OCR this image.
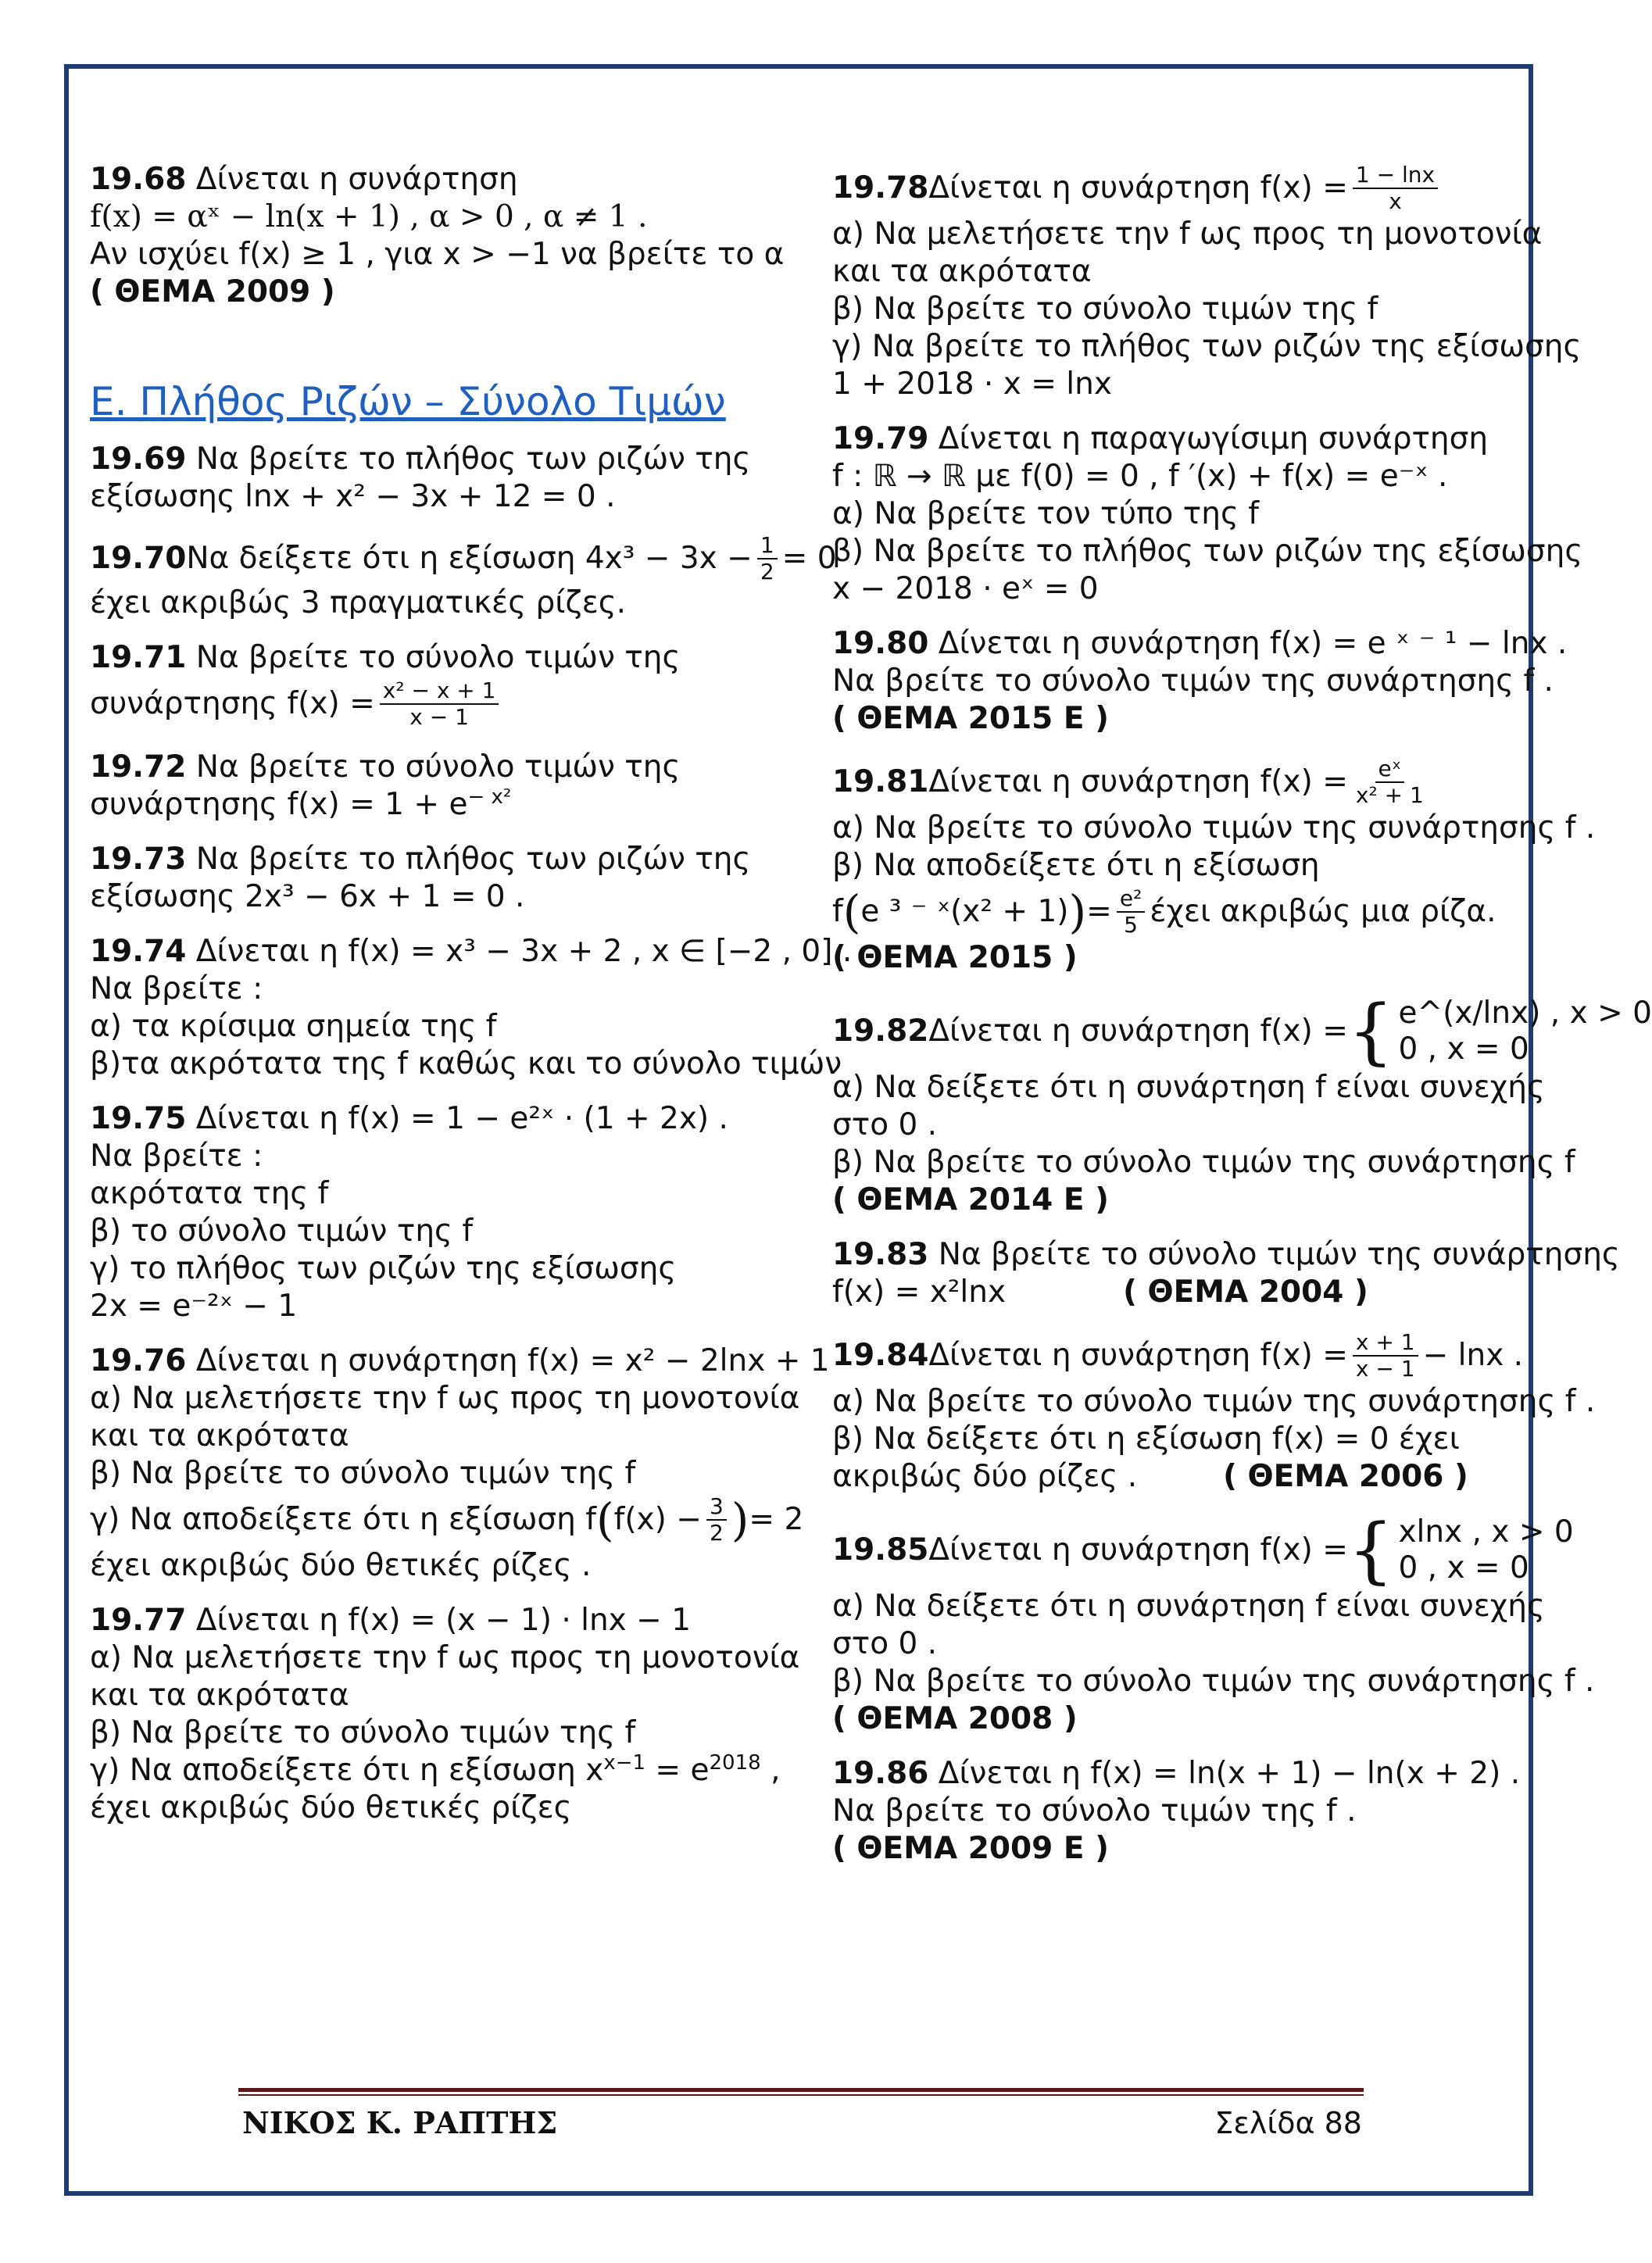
19.68 Δίνεται η συνάρτηση
f(x) = αˣ − ln(x + 1) , α > 0 , α ≠ 1 .
Αν ισχύει f(x) ≥ 1 , για x > −1 να βρείτε το α
( ΘΕΜΑ 2009 )
Ε. Πλήθος Ριζών – Σύνολο Τιμών
19.69 Να βρείτε το πλήθος των ριζών της
εξίσωσης lnx + x² − 3x + 12 = 0 .
19.70 Να δείξετε ότι η εξίσωση $4x^3 - 3x - \frac{1}{2} = 0$
έχει ακριβώς 3 πραγματικές ρίζες.
19.71 Να βρείτε το σύνολο τιμών της
συνάρτησης $f(x) = \frac{\text{x² − x + 1}}{x - 1}$
19.72 Να βρείτε το σύνολο τιμών της
συνάρτησης $f(x) = 1 + e^{- x^2}$
19.73 Να βρείτε το πλήθος των ριζών της
εξίσωσης 2x³ − 6x + 1 = 0 .
19.74 Δίνεται η f(x) = x³ − 3x + 2 , x ∈ [−2 , 0] .
Να βρείτε :
α) τα κρίσιμα σημεία της f
β)τα ακρότατα της f καθώς και το σύνολο τιμών
19.75 Δίνεται η f(x) = 1 − e²ˣ · (1 + 2x) .
Να βρείτε :
ακρότατα της f
β) το σύνολο τιμών της f
γ) το πλήθος των ριζών της εξίσωσης
2x = e⁻²ˣ − 1
19.76 Δίνεται η συνάρτηση f(x) = x² − 2lnx + 1
α) Να μελετήσετε την f ως προς τη μονοτονία
και τα ακρότατα
β) Να βρείτε το σύνολο τιμών της f
γ) Να αποδείξετε ότι η εξίσωση f ( $f(x) - \frac{3}{2}$ ) = 2
έχει ακριβώς δύο θετικές ρίζες .
19.77 Δίνεται η f(x) = (x − 1) · lnx − 1
α) Να μελετήσετε την f ως προς τη μονοτονία
και τα ακρότατα
β) Να βρείτε το σύνολο τιμών της f
γ) Να αποδείξετε ότι η εξίσωση $x^{x-1} = e^{2018}$ ,
έχει ακριβώς δύο θετικές ρίζες
19.78 Δίνεται η συνάρτηση $f(x) = \frac{1 - \ln x}{x}$
α) Να μελετήσετε την f ως προς τη μονοτονία
και τα ακρότατα
β) Να βρείτε το σύνολο τιμών της f
γ) Να βρείτε το πλήθος των ριζών της εξίσωσης
1 + 2018 · x = lnx
19.79 Δίνεται η παραγωγίσιμη συνάρτηση
f : ℝ → ℝ με f(0) = 0 , f ′(x) + f(x) = e⁻ˣ .
α) Να βρείτε τον τύπο της f
β) Να βρείτε το πλήθος των ριζών της εξίσωσης
x − 2018 · eˣ = 0
19.80 Δίνεται η συνάρτηση f(x) = e ˣ ⁻ ¹ − lnx .
Να βρείτε το σύνολο τιμών της συνάρτησης f .
( ΘΕΜΑ 2015 Ε )
19.81 Δίνεται η συνάρτηση $f(x) = \frac{\text{eˣ}}{\text{x² + 1}}$
α) Να βρείτε το σύνολο τιμών της συνάρτησης f .
β) Να αποδείξετε ότι η εξίσωση
f ( e ³ ⁻ ˣ(x² + 1) ) = $\frac{\text{e²}}{5}$ έχει ακριβώς μια ρίζα.
( ΘΕΜΑ 2015 )
19.82 Δίνεται η συνάρτηση f(x) = { e^(x/lnx) , x > 0
0 , x = 0
α) Να δείξετε ότι η συνάρτηση f είναι συνεχής
στο 0 .
β) Να βρείτε το σύνολο τιμών της συνάρτησης f
( ΘΕΜΑ 2014 Ε )
19.83 Να βρείτε το σύνολο τιμών της συνάρτησης
f(x) = x²lnx	( ΘΕΜΑ 2004 )
19.84 Δίνεται η συνάρτηση $f(x) = \frac{x + 1}{x - 1} - \ln x$ .
α) Να βρείτε το σύνολο τιμών της συνάρτησης f .
β) Να δείξετε ότι η εξίσωση f(x) = 0 έχει
ακριβώς δύο ρίζες .	( ΘΕΜΑ 2006 )
19.85 Δίνεται η συνάρτηση f(x) = { xlnx , x > 0
0 , x = 0
α) Να δείξετε ότι η συνάρτηση f είναι συνεχής
στο 0 .
β) Να βρείτε το σύνολο τιμών της συνάρτησης f .
( ΘΕΜΑ 2008 )
19.86 Δίνεται η f(x) = ln(x + 1) − ln(x + 2) .
Να βρείτε το σύνολο τιμών της f .
( ΘΕΜΑ 2009 Ε )
ΝΙΚΟΣ Κ. ΡΑΠΤΗΣ	Σελίδα 88
